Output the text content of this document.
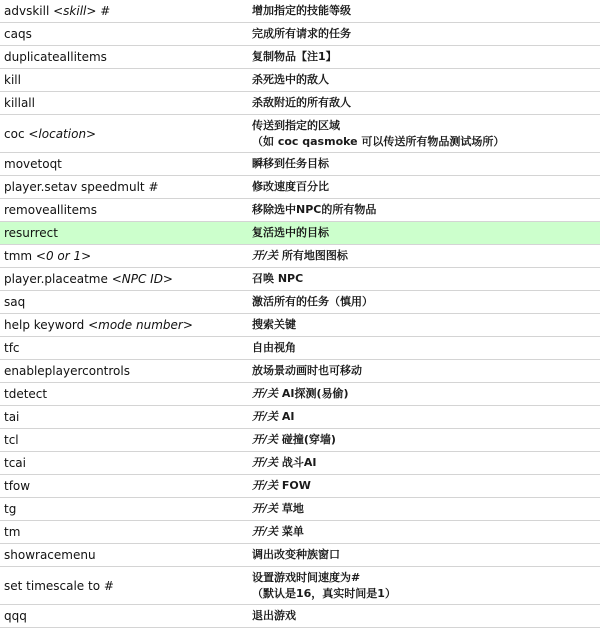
advskill <skill> #	增加指定的技能等级
caqs	完成所有请求的任务
duplicateallitems	复制物品【注1】
kill	杀死选中的敌人
killall	杀敌附近的所有敌人
coc <location>	传送到指定的区域
（如 coc qasmoke 可以传送所有物品测试场所）

movetoqt	瞬移到任务目标
player.setav speedmult #	修改速度百分比
removeallitems	移除选中NPC的所有物品
resurrect	复活选中的目标
tmm <0 or 1>	开/关 所有地图图标
player.placeatme <NPC ID>	召唤 NPC
saq	激活所有的任务（慎用）
help keyword <mode number>	搜索关键
tfc	自由视角
enableplayercontrols	放场景动画时也可移动
tdetect	开/关 AI探测(易偷)
tai	开/关 AI
tcl	开/关 碰撞(穿墙)
tcai	开/关 战斗AI
tfow	开/关 FOW
tg	开/关 草地
tm	开/关 菜单
showracemenu	调出改变种族窗口
set timescale to #	设置游戏时间速度为#
（默认是16，真实时间是1）

qqq	退出游戏
